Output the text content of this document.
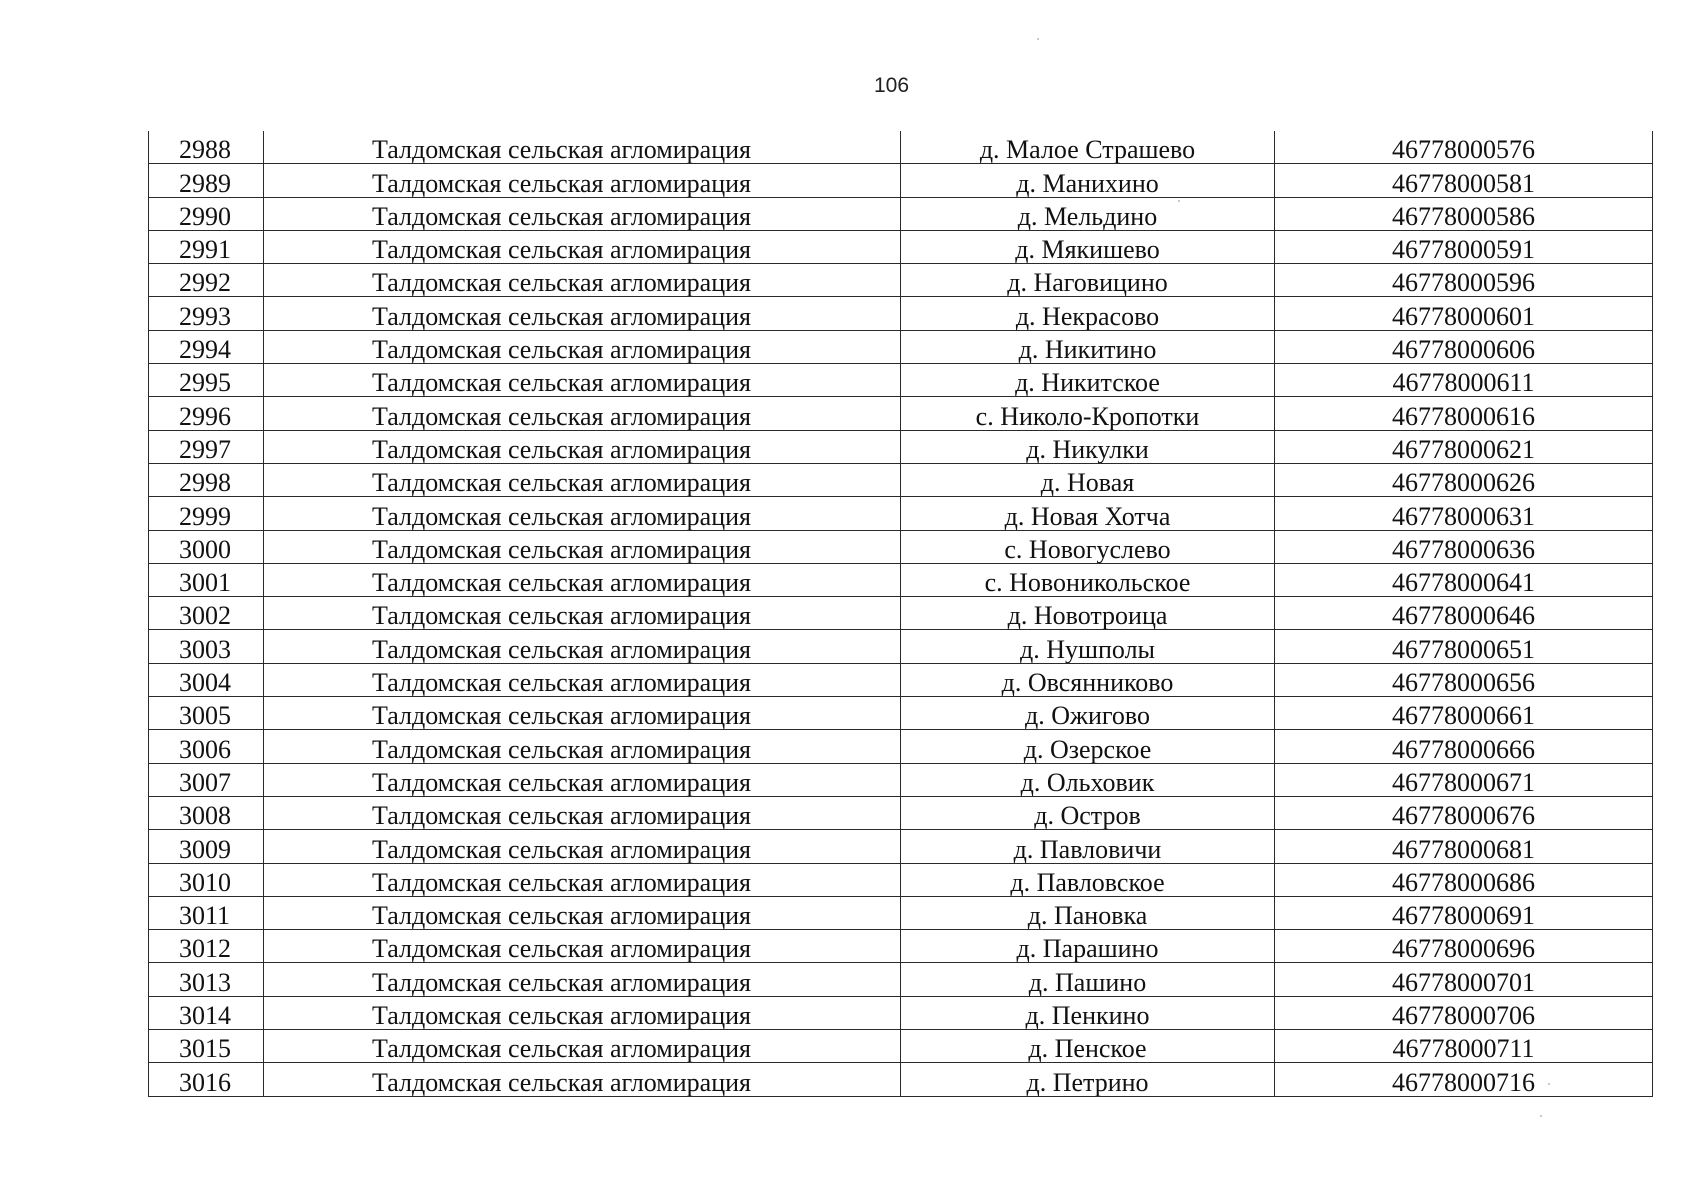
106
2988	Талдомская сельская агломирация	д. Малое Страшево	46778000576
2989	Талдомская сельская агломирация	д. Манихино	46778000581
2990	Талдомская сельская агломирация	д. Мельдино	46778000586
2991	Талдомская сельская агломирация	д. Мякишево	46778000591
2992	Талдомская сельская агломирация	д. Наговицино	46778000596
2993	Талдомская сельская агломирация	д. Некрасово	46778000601
2994	Талдомская сельская агломирация	д. Никитино	46778000606
2995	Талдомская сельская агломирация	д. Никитское	46778000611
2996	Талдомская сельская агломирация	с. Николо-Кропотки	46778000616
2997	Талдомская сельская агломирация	д. Никулки	46778000621
2998	Талдомская сельская агломирация	д. Новая	46778000626
2999	Талдомская сельская агломирация	д. Новая Хотча	46778000631
3000	Талдомская сельская агломирация	с. Новогуслево	46778000636
3001	Талдомская сельская агломирация	с. Новоникольское	46778000641
3002	Талдомская сельская агломирация	д. Новотроица	46778000646
3003	Талдомская сельская агломирация	д. Нушполы	46778000651
3004	Талдомская сельская агломирация	д. Овсянниково	46778000656
3005	Талдомская сельская агломирация	д. Ожигово	46778000661
3006	Талдомская сельская агломирация	д. Озерское	46778000666
3007	Талдомская сельская агломирация	д. Ольховик	46778000671
3008	Талдомская сельская агломирация	д. Остров	46778000676
3009	Талдомская сельская агломирация	д. Павловичи	46778000681
3010	Талдомская сельская агломирация	д. Павловское	46778000686
3011	Талдомская сельская агломирация	д. Пановка	46778000691
3012	Талдомская сельская агломирация	д. Парашино	46778000696
3013	Талдомская сельская агломирация	д. Пашино	46778000701
3014	Талдомская сельская агломирация	д. Пенкино	46778000706
3015	Талдомская сельская агломирация	д. Пенское	46778000711
3016	Талдомская сельская агломирация	д. Петрино	46778000716
